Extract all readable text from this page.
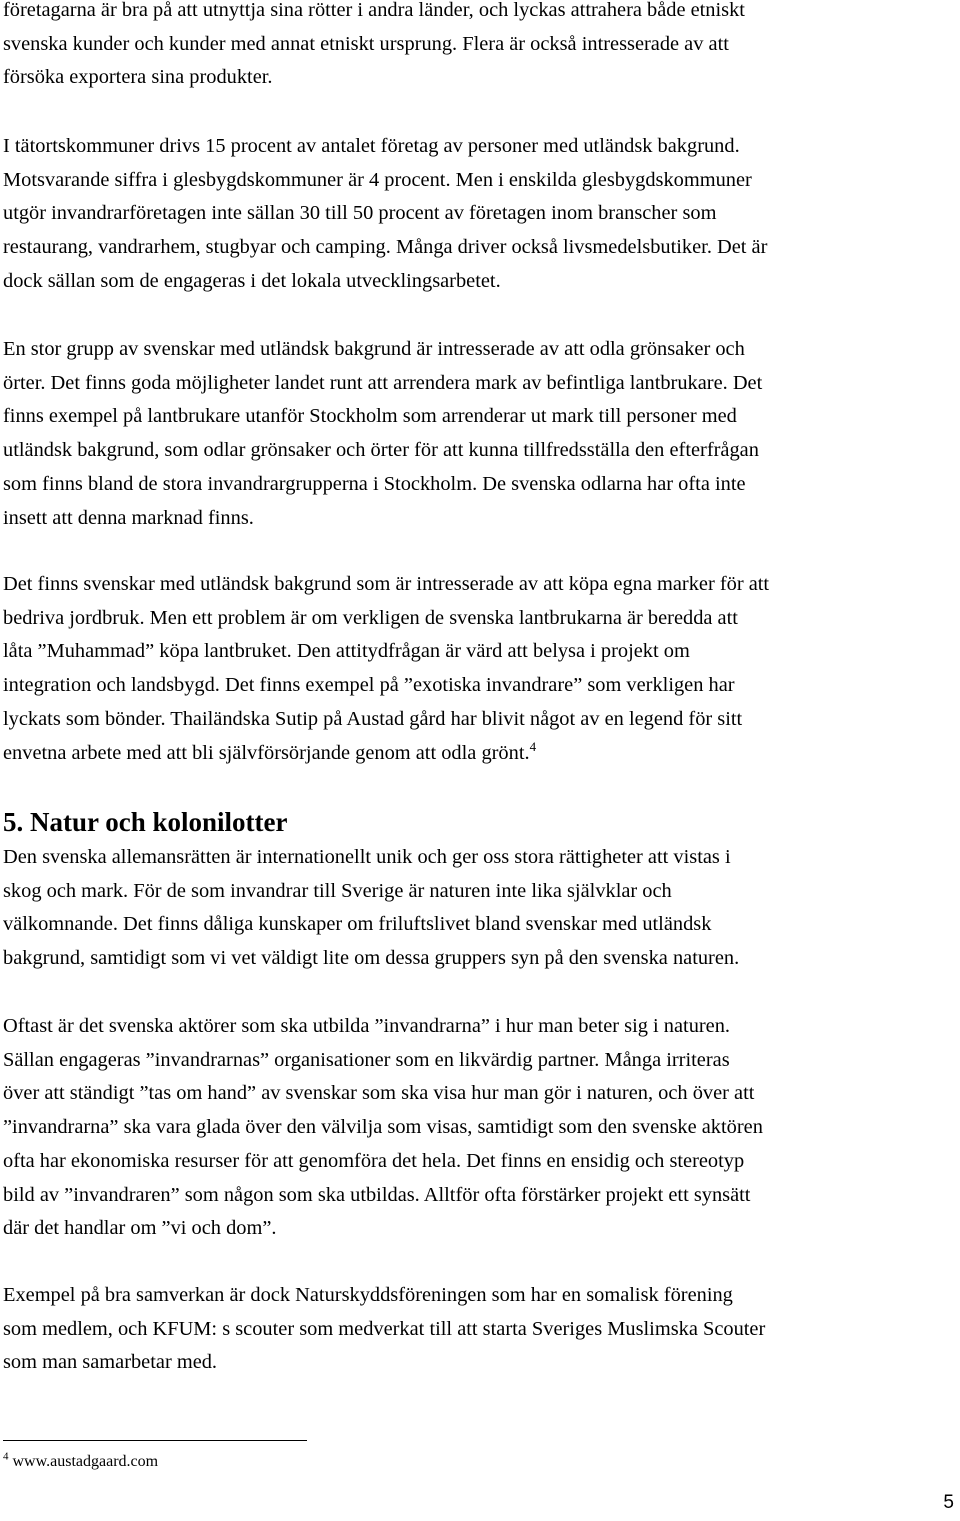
företagarna är bra på att utnyttja sina rötter i andra länder, och lyckas attrahera både etniskt
svenska kunder och kunder med annat etniskt ursprung. Flera är också intresserade av att
försöka exportera sina produkter.
I tätortskommuner drivs 15 procent av antalet företag av personer med utländsk bakgrund.
Motsvarande siffra i glesbygdskommuner är 4 procent. Men i enskilda glesbygdskommuner
utgör invandrarföretagen inte sällan 30 till 50 procent av företagen inom branscher som
restaurang, vandrarhem, stugbyar och camping. Många driver också livsmedelsbutiker. Det är
dock sällan som de engageras i det lokala utvecklingsarbetet.
En stor grupp av svenskar med utländsk bakgrund är intresserade av att odla grönsaker och
örter. Det finns goda möjligheter landet runt att arrendera mark av befintliga lantbrukare. Det
finns exempel på lantbrukare utanför Stockholm som arrenderar ut mark till personer med
utländsk bakgrund, som odlar grönsaker och örter för att kunna tillfredsställa den efterfrågan
som finns bland de stora invandrargrupperna i Stockholm. De svenska odlarna har ofta inte
insett att denna marknad finns.
Det finns svenskar med utländsk bakgrund som är intresserade av att köpa egna marker för att
bedriva jordbruk. Men ett problem är om verkligen de svenska lantbrukarna är beredda att
låta ”Muhammad” köpa lantbruket. Den attitydfrågan är värd att belysa i projekt om
integration och landsbygd. Det finns exempel på ”exotiska invandrare” som verkligen har
lyckats som bönder. Thailändska Sutip på Austad gård har blivit något av en legend för sitt
envetna arbete med att bli självförsörjande genom att odla grönt.$^4$
5. Natur och kolonilotter
Den svenska allemansrätten är internationellt unik och ger oss stora rättigheter att vistas i
skog och mark. För de som invandrar till Sverige är naturen inte lika självklar och
välkomnande. Det finns dåliga kunskaper om friluftslivet bland svenskar med utländsk
bakgrund, samtidigt som vi vet väldigt lite om dessa gruppers syn på den svenska naturen.
Oftast är det svenska aktörer som ska utbilda ”invandrarna” i hur man beter sig i naturen.
Sällan engageras ”invandrarnas” organisationer som en likvärdig partner. Många irriteras
över att ständigt ”tas om hand” av svenskar som ska visa hur man gör i naturen, och över att
”invandrarna” ska vara glada över den välvilja som visas, samtidigt som den svenske aktören
ofta har ekonomiska resurser för att genomföra det hela. Det finns en ensidig och stereotyp
bild av ”invandraren” som någon som ska utbildas. Alltför ofta förstärker projekt ett synsätt
där det handlar om ”vi och dom”.
Exempel på bra samverkan är dock Naturskyddsföreningen som har en somalisk förening
som medlem, och KFUM: s scouter som medverkat till att starta Sveriges Muslimska Scouter
som man samarbetar med.

$^4$ www.austadgaard.com

5
